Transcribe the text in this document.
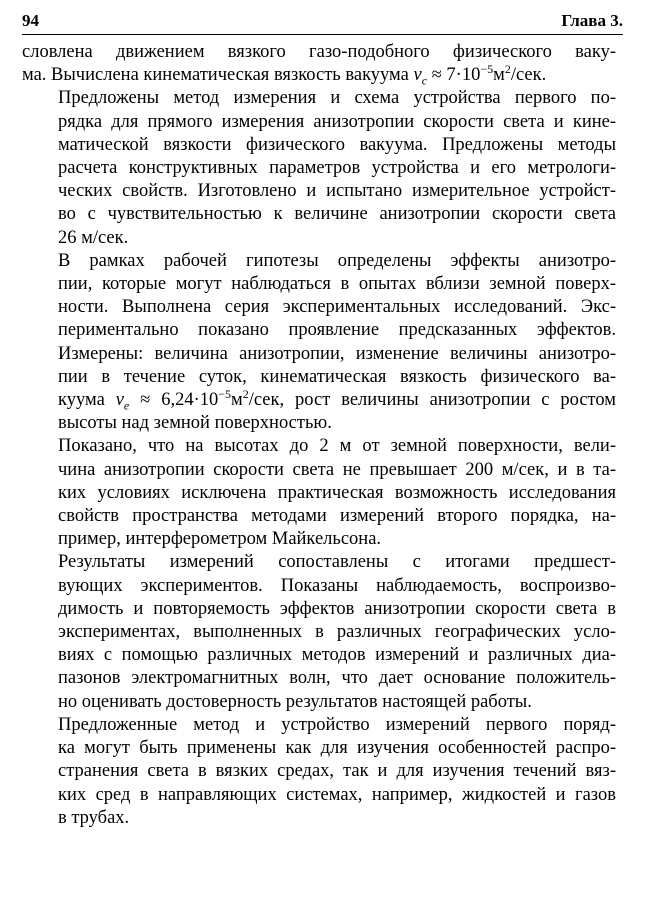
94	Глава 3.
словлена движением вязкого газо-подобного физического ваку-
ма. Вычислена кинематическая вязкость вакуума $\nu_c \approx 7\cdot 10^{-5}м^2/сек$.
Предложены метод измерения и схема устройства первого по-
рядка для прямого измерения анизотропии скорости света и кине-
матической вязкости физического вакуума. Предложены методы
расчета конструктивных параметров устройства и его метрологи-
ческих свойств. Изготовлено и испытано измерительное устройст-
во с чувствительностью к величине анизотропии скорости света
26 м/сек.
В рамках рабочей гипотезы определены эффекты анизотро-
пии, которые могут наблюдаться в опытах вблизи земной поверх-
ности. Выполнена серия экспериментальных исследований. Экс-
периментально показано проявление предсказанных эффектов.
Измерены: величина анизотропии, изменение величины анизотро-
пии в течение суток, кинематическая вязкость физического ва-
куума $\nu_e \approx 6,24\cdot 10^{-5}м^2/сек$, рост величины анизотропии с ростом
высоты над земной поверхностью.
Показано, что на высотах до 2 м от земной поверхности, вели-
чина анизотропии скорости света не превышает 200 м/сек, и в та-
ких условиях исключена практическая возможность исследования
свойств пространства методами измерений второго порядка, на-
пример, интерферометром Майкельсона.
Результаты измерений сопоставлены с итогами предшест-
вующих экспериментов. Показаны наблюдаемость, воспроизво-
димость и повторяемость эффектов анизотропии скорости света в
экспериментах, выполненных в различных географических усло-
виях с помощью различных методов измерений и различных диа-
пазонов электромагнитных волн, что дает основание положитель-
но оценивать достоверность результатов настоящей работы.
Предложенные метод и устройство измерений первого поряд-
ка могут быть применены как для изучения особенностей распро-
странения света в вязких средах, так и для изучения течений вяз-
ких сред в направляющих системах, например, жидкостей и газов
в трубах.
